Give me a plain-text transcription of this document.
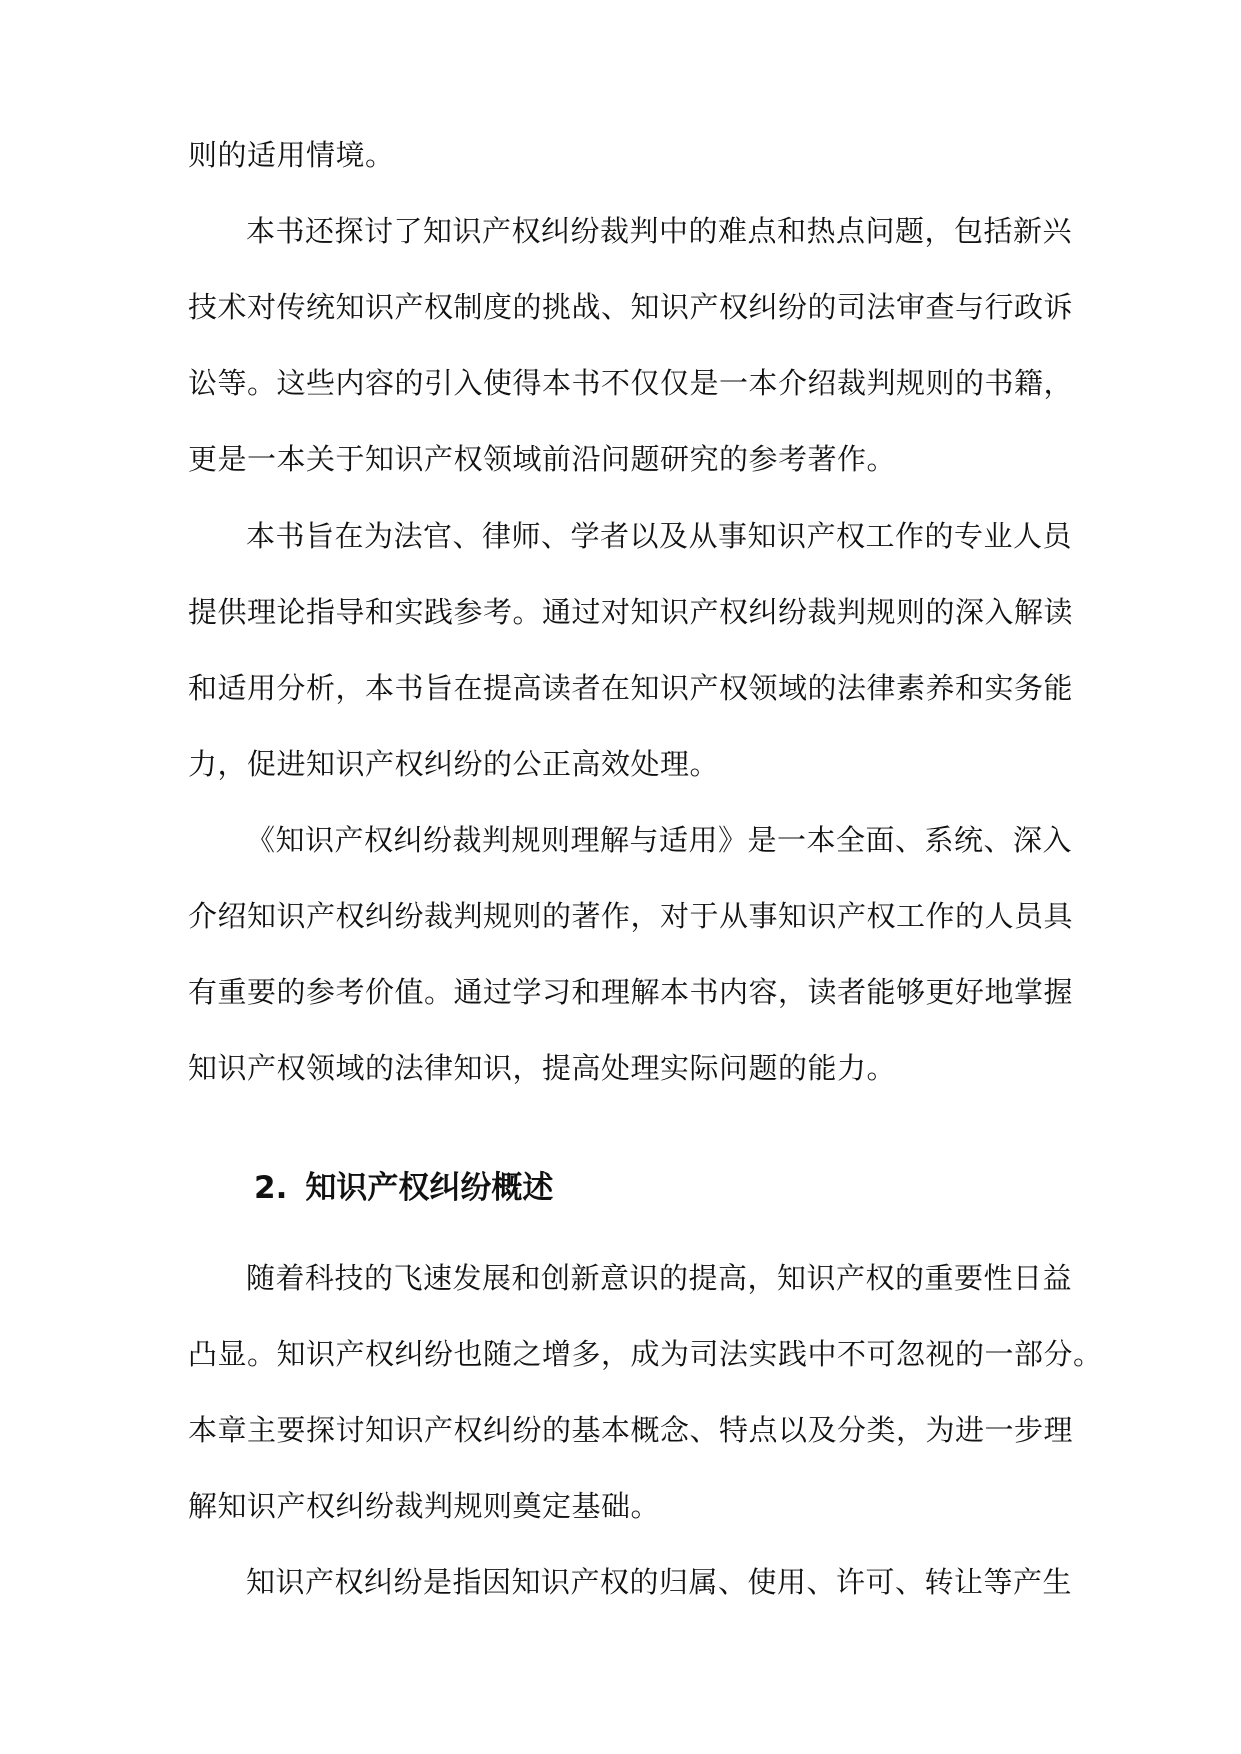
则的适用情境。
本书还探讨了知识产权纠纷裁判中的难点和热点问题，包括新兴
技术对传统知识产权制度的挑战、知识产权纠纷的司法审查与行政诉
讼等。这些内容的引入使得本书不仅仅是一本介绍裁判规则的书籍，
更是一本关于知识产权领域前沿问题研究的参考著作。
本书旨在为法官、律师、学者以及从事知识产权工作的专业人员
提供理论指导和实践参考。通过对知识产权纠纷裁判规则的深入解读
和适用分析，本书旨在提高读者在知识产权领域的法律素养和实务能
力，促进知识产权纠纷的公正高效处理。
《知识产权纠纷裁判规则理解与适用》是一本全面、系统、深入
介绍知识产权纠纷裁判规则的著作，对于从事知识产权工作的人员具
有重要的参考价值。通过学习和理解本书内容，读者能够更好地掌握
知识产权领域的法律知识，提高处理实际问题的能力。
2. 知识产权纠纷概述
随着科技的飞速发展和创新意识的提高，知识产权的重要性日益
凸显。知识产权纠纷也随之增多，成为司法实践中不可忽视的一部分。
本章主要探讨知识产权纠纷的基本概念、特点以及分类，为进一步理
解知识产权纠纷裁判规则奠定基础。
知识产权纠纷是指因知识产权的归属、使用、许可、转让等产生
